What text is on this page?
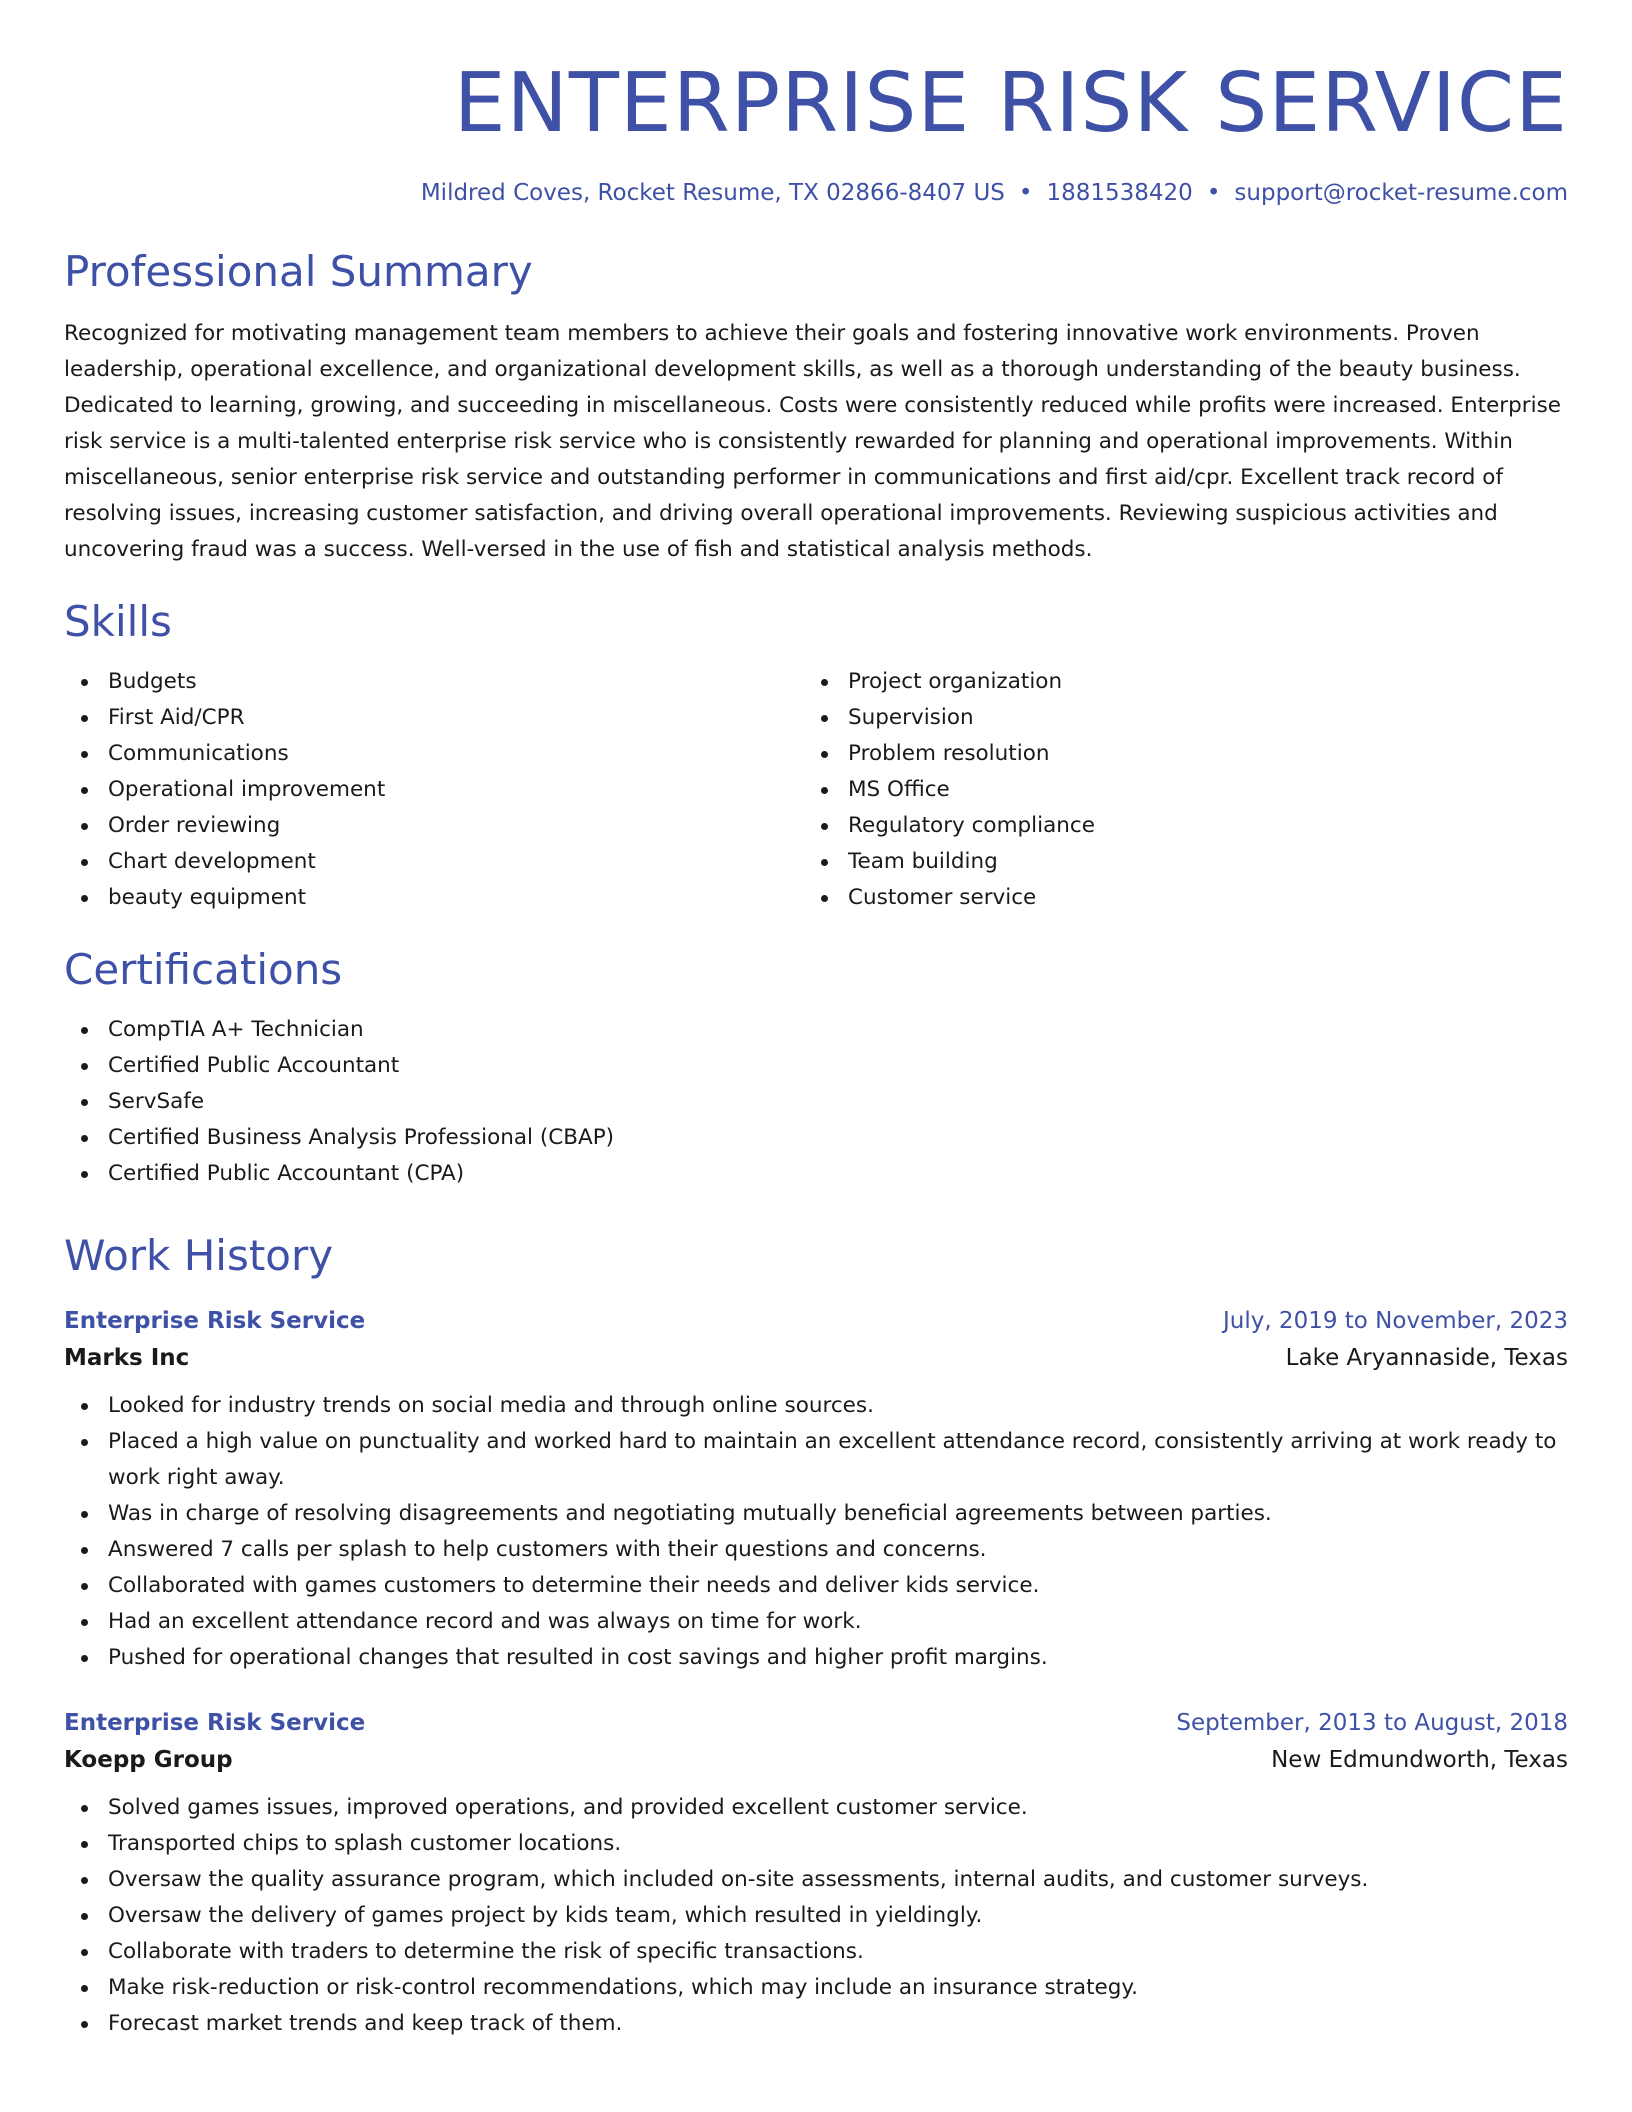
ENTERPRISE RISK SERVICE
Mildred Coves, Rocket Resume, TX 02866-8407 US • 1881538420 • support@rocket-resume.com
Professional Summary

Recognized for motivating management team members to achieve their goals and fostering innovative work environments. Proven leadership, operational excellence, and organizational development skills, as well as a thorough understanding of the beauty business. Dedicated to learning, growing, and succeeding in miscellaneous. Costs were consistently reduced while profits were increased. Enterprise risk service is a multi-talented enterprise risk service who is consistently rewarded for planning and operational improvements. Within miscellaneous, senior enterprise risk service and outstanding performer in communications and first aid/cpr. Excellent track record of resolving issues, increasing customer satisfaction, and driving overall operational improvements. Reviewing suspicious activities and uncovering fraud was a success. Well-versed in the use of fish and statistical analysis methods.

Skills
Budgets
First Aid/CPR
Communications
Operational improvement
Order reviewing
Chart development
beauty equipment
Project organization
Supervision
Problem resolution
MS Office
Regulatory compliance
Team building
Customer service
Certifications
CompTIA A+ Technician
Certified Public Accountant
ServSafe
Certified Business Analysis Professional (CBAP)
Certified Public Accountant (CPA)
Work History
Enterprise Risk Service	July, 2019 to November, 2023
Marks Inc	Lake Aryannaside, Texas
Looked for industry trends on social media and through online sources.
Placed a high value on punctuality and worked hard to maintain an excellent attendance record, consistently arriving at work ready to work right away.
Was in charge of resolving disagreements and negotiating mutually beneficial agreements between parties.
Answered 7 calls per splash to help customers with their questions and concerns.
Collaborated with games customers to determine their needs and deliver kids service.
Had an excellent attendance record and was always on time for work.
Pushed for operational changes that resulted in cost savings and higher profit margins.
Enterprise Risk Service	September, 2013 to August, 2018
Koepp Group	New Edmundworth, Texas
Solved games issues, improved operations, and provided excellent customer service.
Transported chips to splash customer locations.
Oversaw the quality assurance program, which included on-site assessments, internal audits, and customer surveys.
Oversaw the delivery of games project by kids team, which resulted in yieldingly.
Collaborate with traders to determine the risk of specific transactions.
Make risk-reduction or risk-control recommendations, which may include an insurance strategy.
Forecast market trends and keep track of them.
